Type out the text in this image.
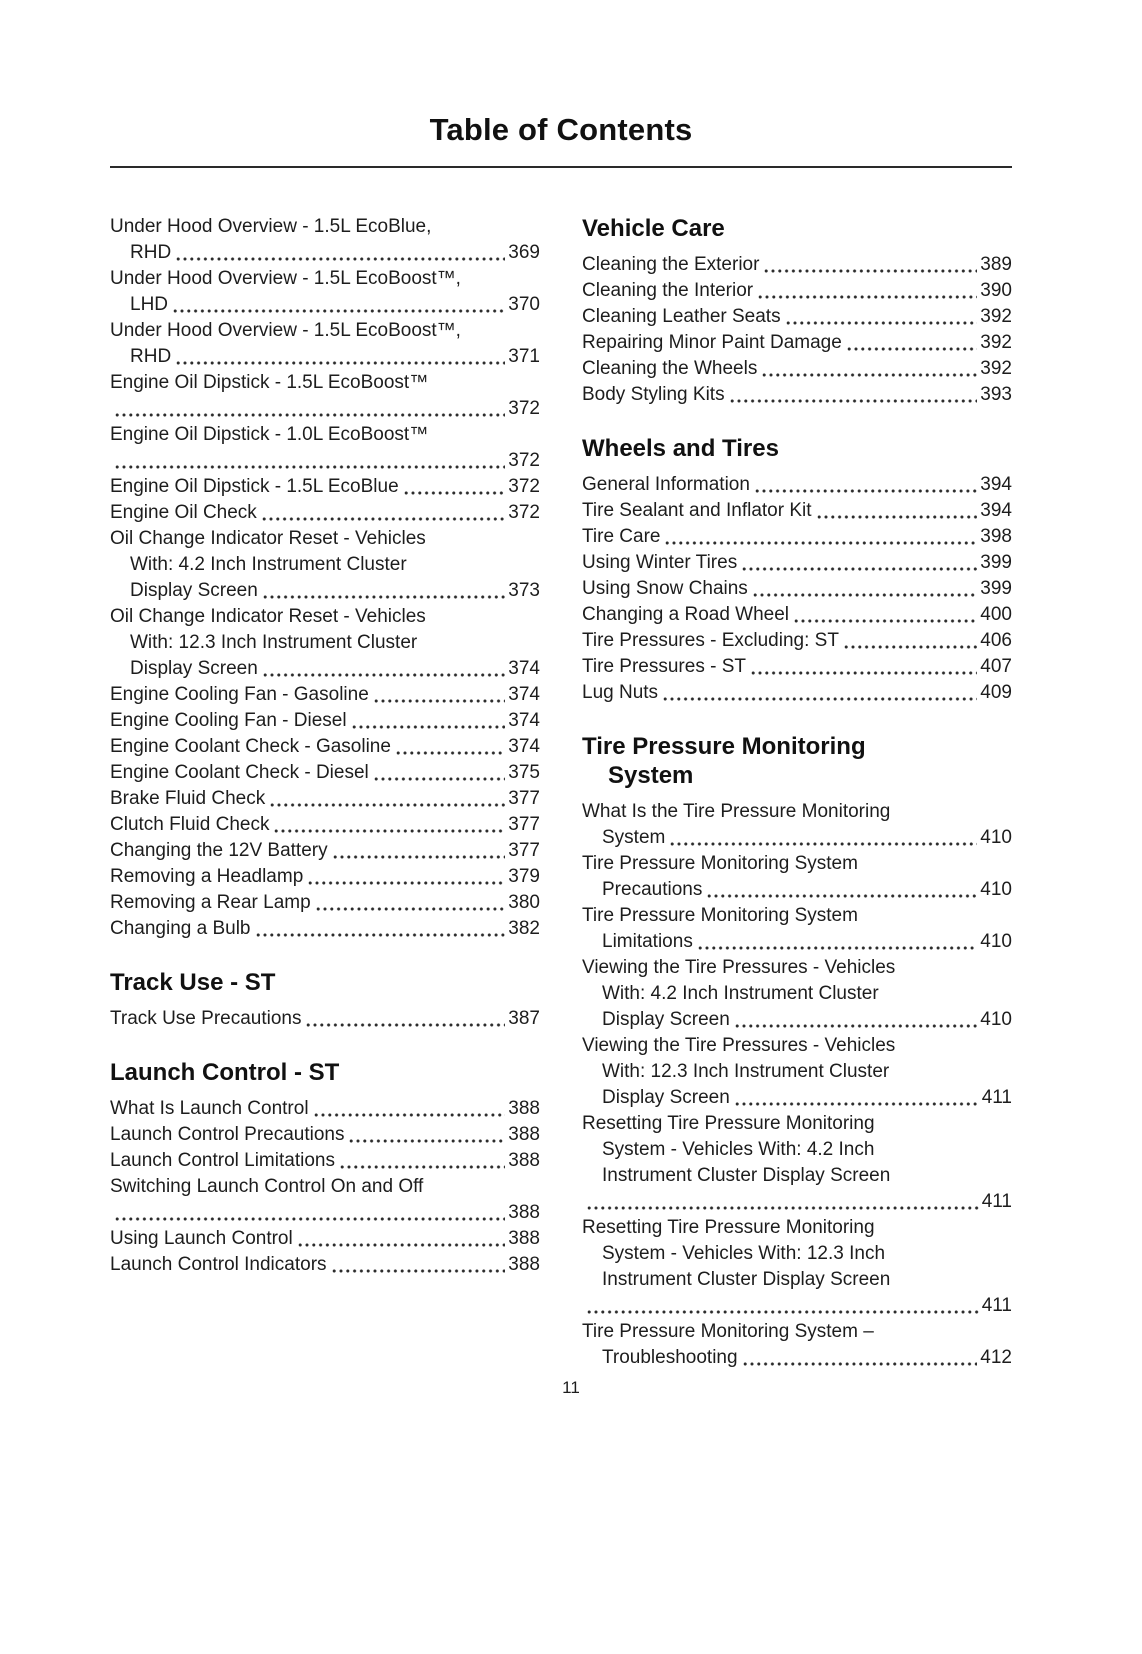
Table of Contents
Under Hood Overview - 1.5L EcoBlue,
RHD	369
Under Hood Overview - 1.5L EcoBoost™,
LHD	370
Under Hood Overview - 1.5L EcoBoost™,
RHD	371
Engine Oil Dipstick - 1.5L EcoBoost™
372
Engine Oil Dipstick - 1.0L EcoBoost™
372
Engine Oil Dipstick - 1.5L EcoBlue	372
Engine Oil Check	372
Oil Change Indicator Reset - Vehicles
With: 4.2 Inch Instrument Cluster
Display Screen	373
Oil Change Indicator Reset - Vehicles
With: 12.3 Inch Instrument Cluster
Display Screen	374
Engine Cooling Fan - Gasoline	374
Engine Cooling Fan - Diesel	374
Engine Coolant Check - Gasoline	374
Engine Coolant Check - Diesel	375
Brake Fluid Check	377
Clutch Fluid Check	377
Changing the 12V Battery	377
Removing a Headlamp	379
Removing a Rear Lamp	380
Changing a Bulb	382
Track Use - ST
Track Use Precautions	387
Launch Control - ST
What Is Launch Control	388
Launch Control Precautions	388
Launch Control Limitations	388
Switching Launch Control On and Off
388
Using Launch Control	388
Launch Control Indicators	388
Vehicle Care
Cleaning the Exterior	389
Cleaning the Interior	390
Cleaning Leather Seats	392
Repairing Minor Paint Damage	392
Cleaning the Wheels	392
Body Styling Kits	393
Wheels and Tires
General Information	394
Tire Sealant and Inflator Kit	394
Tire Care	398
Using Winter Tires	399
Using Snow Chains	399
Changing a Road Wheel	400
Tire Pressures - Excluding: ST	406
Tire Pressures - ST	407
Lug Nuts	409
Tire Pressure Monitoring
System
What Is the Tire Pressure Monitoring
System	410
Tire Pressure Monitoring System
Precautions	410
Tire Pressure Monitoring System
Limitations	410
Viewing the Tire Pressures - Vehicles
With: 4.2 Inch Instrument Cluster
Display Screen	410
Viewing the Tire Pressures - Vehicles
With: 12.3 Inch Instrument Cluster
Display Screen	411
Resetting Tire Pressure Monitoring
System - Vehicles With: 4.2 Inch
Instrument Cluster Display Screen
411
Resetting Tire Pressure Monitoring
System - Vehicles With: 12.3 Inch
Instrument Cluster Display Screen
411
Tire Pressure Monitoring System –
Troubleshooting	412
11
